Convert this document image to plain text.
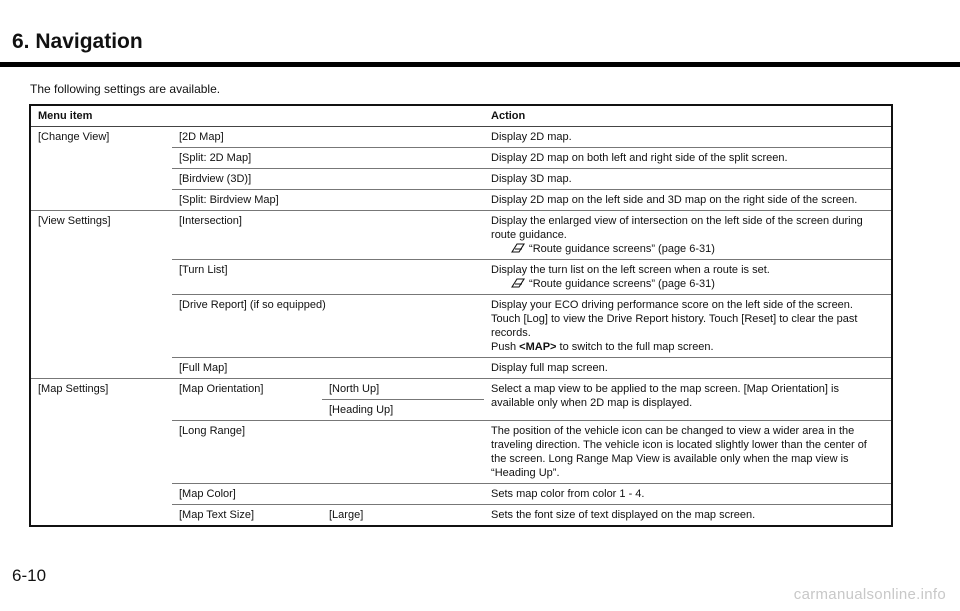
6. Navigation
The following settings are available.
Menu item			Action
[Change View]	[2D Map]		Display 2D map.
	[Split: 2D Map]		Display 2D map on both left and right side of the split screen.
	[Birdview (3D)]		Display 3D map.
	[Split: Birdview Map]		Display 2D map on the left side and 3D map on the right side of the screen.
[View Settings]	[Intersection]		Display the enlarged view of intersection on the left side of the screen during route guidance.
“Route guidance screens” (page 6-31)

	[Turn List]		Display the turn list on the left screen when a route is set.
“Route guidance screens” (page 6-31)

	[Drive Report] (if so equipped)		Display your ECO driving performance score on the left side of the screen. Touch [Log] to view the Drive Report history. Touch [Reset] to clear the past records.
Push <MAP> to switch to the full map screen.
	[Full Map]		Display full map screen.
[Map Settings]	[Map Orientation]	[North Up]	Select a map view to be applied to the map screen. [Map Orientation] is available only when 2D map is displayed.
		[Heading Up]	
	[Long Range]		The position of the vehicle icon can be changed to view a wider area in the traveling direction. The vehicle icon is located slightly lower than the center of the screen. Long Range Map View is available only when the map view is “Heading Up”.
	[Map Color]		Sets map color from color 1 - 4.
	[Map Text Size]	[Large]	Sets the font size of text displayed on the map screen.
6-10
carmanualsonline.info
